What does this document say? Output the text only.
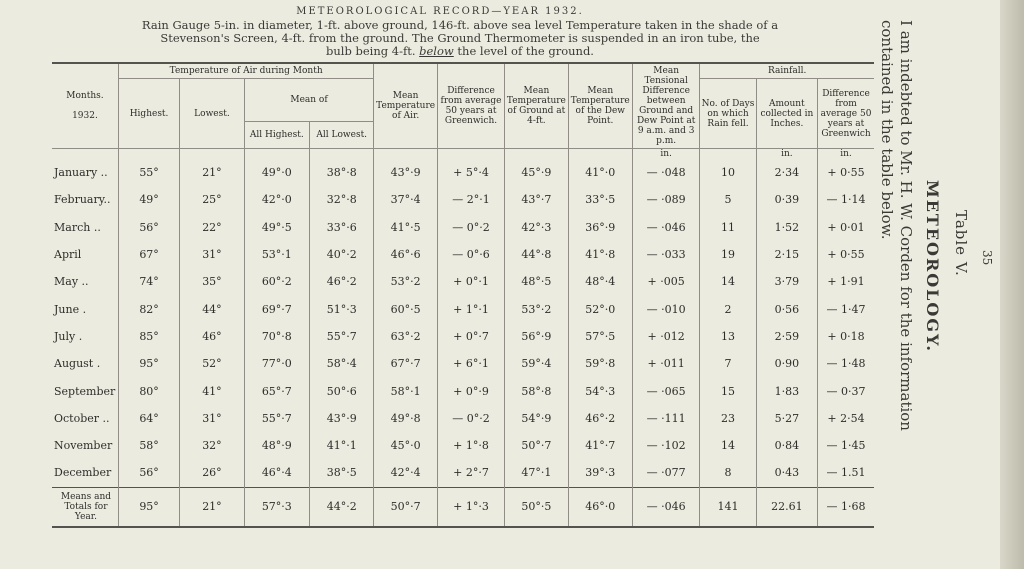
METEOROLOGICAL RECORD—YEAR 1932.
Rain Gauge 5-in. in diameter, 1-ft. above ground, 146-ft. above sea level Temperature taken in the shade of a
Stevenson's Screen, 4-ft. from the ground. The Ground Thermometer is suspended in an iron tube, the
bulb being 4-ft. below the level of the ground.
Months.

1932.	Temperature of Air during Month				Mean Temperature of Air.	Difference from average 50 years at Greenwich.	Mean Temperature of Ground at 4-ft.	Mean Temperature of the Dew Point.	Mean Tensional Difference between Ground and Dew Point at 9 a.m. and 3 p.m.	Rainfall.		
	Highest.	Lowest.	Mean of							No. of Days on which Rain fell.	Amount collected in Inches.	Difference from average 50 years at Greenwich
			All Highest.	All Lowest.								
									in.		in.	in.
January ..	55°	21°	49°·0	38°·8	43°·9	+ 5°·4	45°·9	41°·0	— ·048	10	2·34	+ 0·55
February..	49°	25°	42°·0	32°·8	37°·4	— 2°·1	43°·7	33°·5	— ·089	5	0·39	— 1·14
March ..	56°	22°	49°·5	33°·6	41°·5	— 0°·2	42°·3	36°·9	— ·046	11	1·52	+ 0·01
April	67°	31°	53°·1	40°·2	46°·6	— 0°·6	44°·8	41°·8	— ·033	19	2·15	+ 0·55
May ..	74°	35°	60°·2	46°·2	53°·2	+ 0°·1	48°·5	48°·4	+ ·005	14	3·79	+ 1·91
June .	82°	44°	69°·7	51°·3	60°·5	+ 1°·1	53°·2	52°·0	— ·010	2	0·56	— 1·47
July .	85°	46°	70°·8	55°·7	63°·2	+ 0°·7	56°·9	57°·5	+ ·012	13	2·59	+ 0·18
August .	95°	52°	77°·0	58°·4	67°·7	+ 6°·1	59°·4	59°·8	+ ·011	7	0·90	— 1·48
September	80°	41°	65°·7	50°·6	58°·1	+ 0°·9	58°·8	54°·3	— ·065	15	1·83	— 0·37
October ..	64°	31°	55°·7	43°·9	49°·8	— 0°·2	54°·9	46°·2	— ·111	23	5·27	+ 2·54
November	58°	32°	48°·9	41°·1	45°·0	+ 1°·8	50°·7	41°·7	— ·102	14	0·84	— 1·45
December	56°	26°	46°·4	38°·5	42°·4	+ 2°·7	47°·1	39°·3	— ·077	8	0·43	— 1.51
Means and Totals for Year.	95°	21°	57°·3	44°·2	50°·7	+ 1°·3	50°·5	46°·0	— ·046	141	22.61	— 1·68
contained in the table below. I am indebted to Mr. H. W. Corden for the information METEOROLOGY. Table V. 35
